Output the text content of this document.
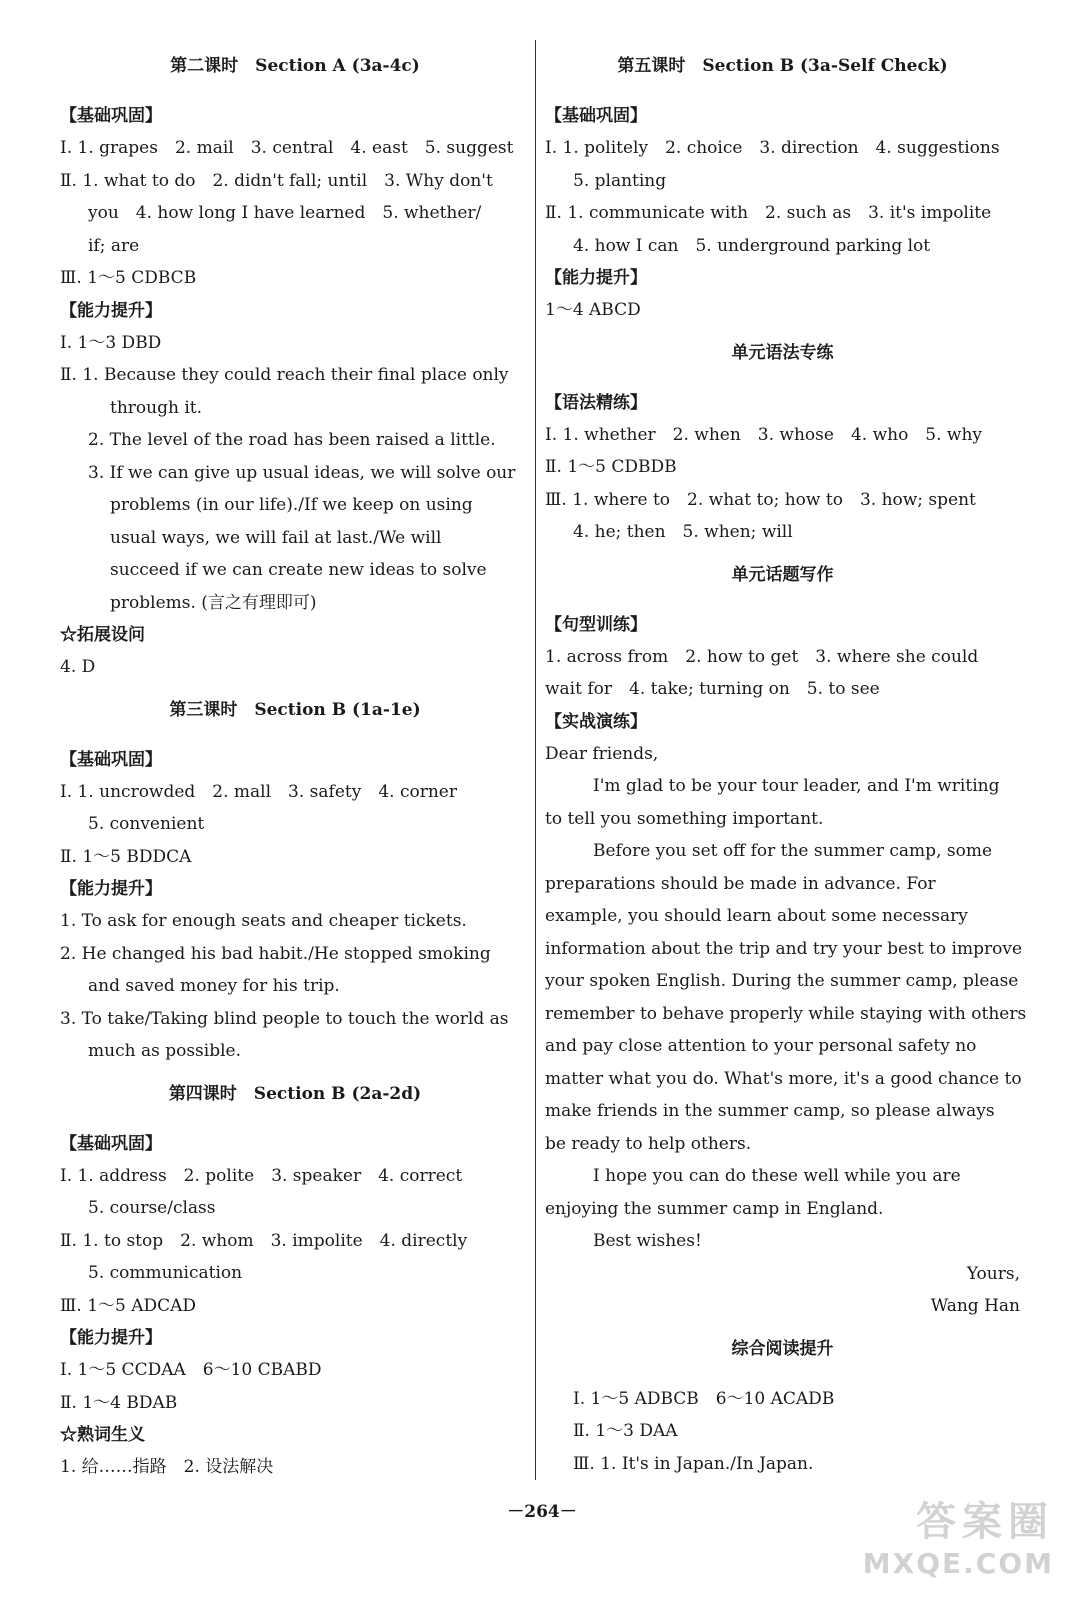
第二课时　Section A (3a-4c)
【基础巩固】
Ⅰ. 1. grapes　2. mail　3. central　4. east　5. suggest
Ⅱ. 1. what to do　2. didn't fall; until　3. Why don't
you　4. how long I have learned　5. whether/
if; are
Ⅲ. 1～5 CDBCB
【能力提升】
Ⅰ. 1～3 DBD
Ⅱ. 1. Because they could reach their final place only
through it.
2. The level of the road has been raised a little.
3. If we can give up usual ideas, we will solve our
problems (in our life)./If we keep on using
usual ways, we will fail at last./We will
succeed if we can create new ideas to solve
problems. (言之有理即可)
☆拓展设问
4. D
第三课时　Section B (1a-1e)
【基础巩固】
Ⅰ. 1. uncrowded　2. mall　3. safety　4. corner
5. convenient
Ⅱ. 1～5 BDDCA
【能力提升】
1. To ask for enough seats and cheaper tickets.
2. He changed his bad habit./He stopped smoking
and saved money for his trip.
3. To take/Taking blind people to touch the world as
much as possible.
第四课时　Section B (2a-2d)
【基础巩固】
Ⅰ. 1. address　2. polite　3. speaker　4. correct
5. course/class
Ⅱ. 1. to stop　2. whom　3. impolite　4. directly
5. communication
Ⅲ. 1～5 ADCAD
【能力提升】
Ⅰ. 1～5 CCDAA　6～10 CBABD
Ⅱ. 1～4 BDAB
☆熟词生义
1. 给……指路　2. 设法解决
第五课时　Section B (3a-Self Check)
【基础巩固】
Ⅰ. 1. politely　2. choice　3. direction　4. suggestions
5. planting
Ⅱ. 1. communicate with　2. such as　3. it's impolite
4. how I can　5. underground parking lot
【能力提升】
1～4 ABCD
单元语法专练
【语法精练】
Ⅰ. 1. whether　2. when　3. whose　4. who　5. why
Ⅱ. 1～5 CDBDB
Ⅲ. 1. where to　2. what to; how to　3. how; spent
4. he; then　5. when; will
单元话题写作
【句型训练】
1. across from　2. how to get　3. where she could
wait for　4. take; turning on　5. to see
【实战演练】
Dear friends,
I'm glad to be your tour leader, and I'm writing
to tell you something important.
Before you set off for the summer camp, some
preparations should be made in advance. For
example, you should learn about some necessary
information about the trip and try your best to improve
your spoken English. During the summer camp, please
remember to behave properly while staying with others
and pay close attention to your personal safety no
matter what you do. What's more, it's a good chance to
make friends in the summer camp, so please always
be ready to help others.
I hope you can do these well while you are
enjoying the summer camp in England.
Best wishes!
Yours,
Wang Han
综合阅读提升
Ⅰ. 1～5 ADBCB　6～10 ACADB
Ⅱ. 1～3 DAA
Ⅲ. 1. It's in Japan./In Japan.
－264－	答案圈
MXQE.COM
